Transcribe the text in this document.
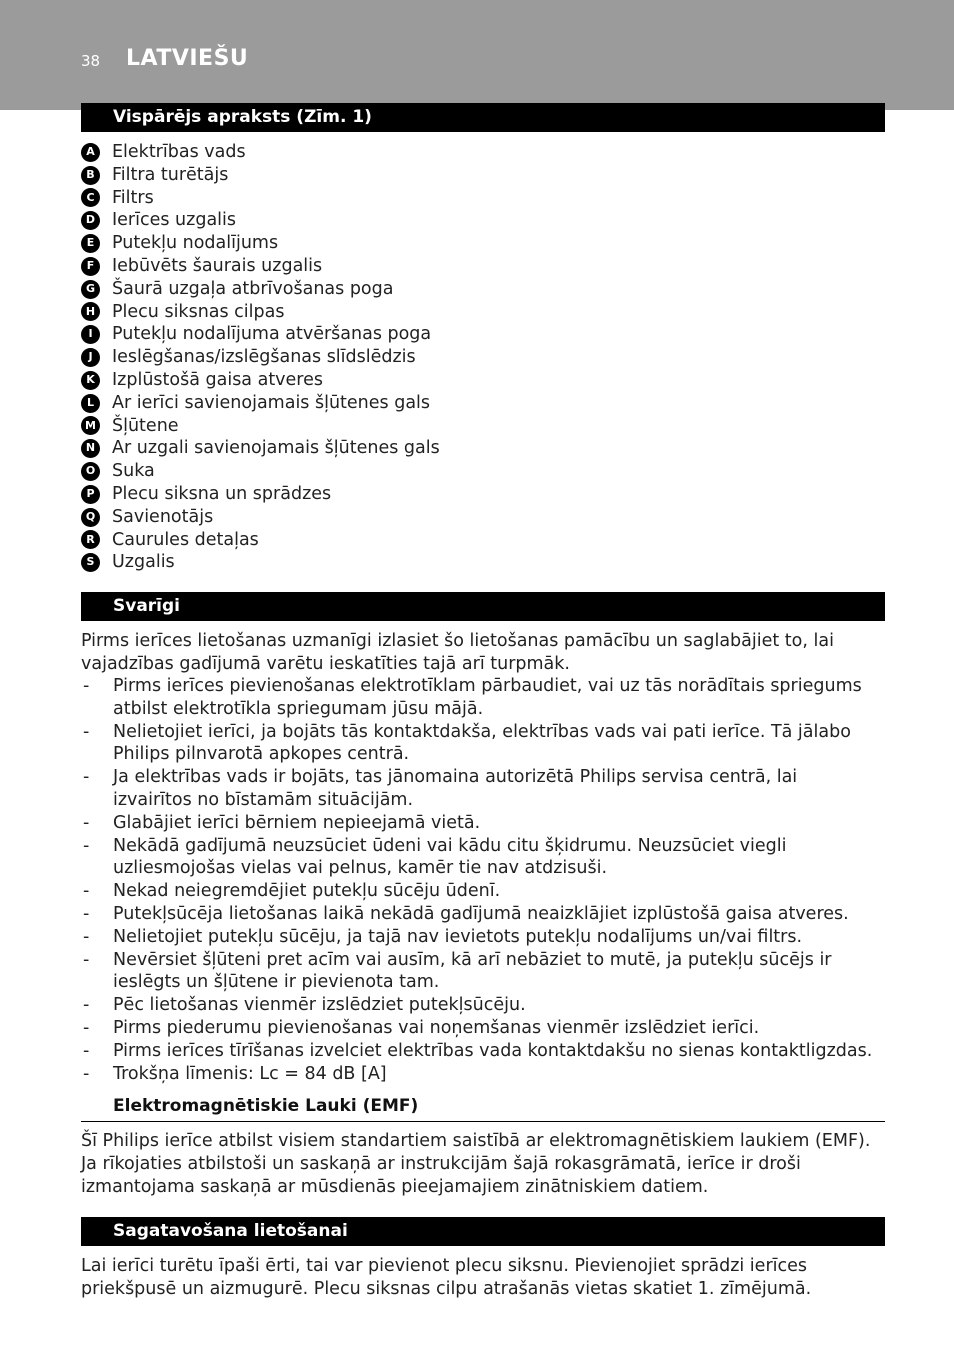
38 LATVIEŠU
Vispārējs apraksts (Zīm. 1)
A Elektrības vads
B Filtra turētājs
C Filtrs
D Ierīces uzgalis
E	Putekļu nodalījums
F	Iebūvēts šaurais uzgalis
G Šaurā uzgaļa atbrīvošanas poga
H Plecu siksnas cilpas
I	Putekļu nodalījuma atvēršanas poga
J	Ieslēgšanas/izslēgšanas slīdslēdzis
K Izplūstošā gaisa atveres
L	Ar ierīci savienojamais šļūtenes gals
M Šļūtene
N Ar uzgali savienojamais šļūtenes gals
O Suka
P Plecu siksna un sprādzes
Q Savienotājs
R Caurules detaļas
S	Uzgalis
Svarīgi

Pirms ierīces lietošanas uzmanīgi izlasiet šo lietošanas pamācību un saglabājiet to, lai vajadzības gadījumā varētu ieskatīties tajā arī turpmāk.

- Pirms ierīces pievienošanas elektrotīklam pārbaudiet, vai uz tās norādītais spriegums atbilst elektrotīkla spriegumam jūsu mājā.
- Nelietojiet ierīci, ja bojāts tās kontaktdakša, elektrības vads vai pati ierīce. Tā jālabo Philips pilnvarotā apkopes centrā.
- Ja elektrības vads ir bojāts, tas jānomaina autorizētā Philips servisa centrā, lai izvairītos no bīstamām situācijām.
- Glabājiet ierīci bērniem nepieejamā vietā.
- Nekādā gadījumā neuzsūciet ūdeni vai kādu citu šķidrumu. Neuzsūciet viegli uzliesmojošas vielas vai pelnus, kamēr tie nav atdzisuši.
- Nekad neiegremdējiet putekļu sūcēju ūdenī.
- Putekļsūcēja lietošanas laikā nekādā gadījumā neaizklājiet izplūstošā gaisa atveres.
- Nelietojiet putekļu sūcēju, ja tajā nav ievietots putekļu nodalījums un/vai filtrs.
- Nevērsiet šļūteni pret acīm vai ausīm, kā arī nebāziet to mutē, ja putekļu sūcējs ir ieslēgts un šļūtene ir pievienota tam.
- Pēc lietošanas vienmēr izslēdziet putekļsūcēju.
- Pirms piederumu pievienošanas vai noņemšanas vienmēr izslēdziet ierīci.
- Pirms ierīces tīrīšanas izvelciet elektrības vada kontaktdakšu no sienas kontaktligzdas.
- Trokšņa līmenis: Lc = 84 dB [A]
Elektromagnētiskie Lauki (EMF)

Šī Philips ierīce atbilst visiem standartiem saistībā ar elektromagnētiskiem laukiem (EMF). Ja rīkojaties atbilstoši un saskaņā ar instrukcijām šajā rokasgrāmatā, ierīce ir droši izmantojama saskaņā ar mūsdienās pieejamajiem zinātniskiem datiem.

Sagatavošana lietošanai

Lai ierīci turētu īpaši ērti, tai var pievienot plecu siksnu. Pievienojiet sprādzi ierīces priekšpusē un aizmugurē. Plecu siksnas cilpu atrašanās vietas skatiet 1. zīmējumā.
